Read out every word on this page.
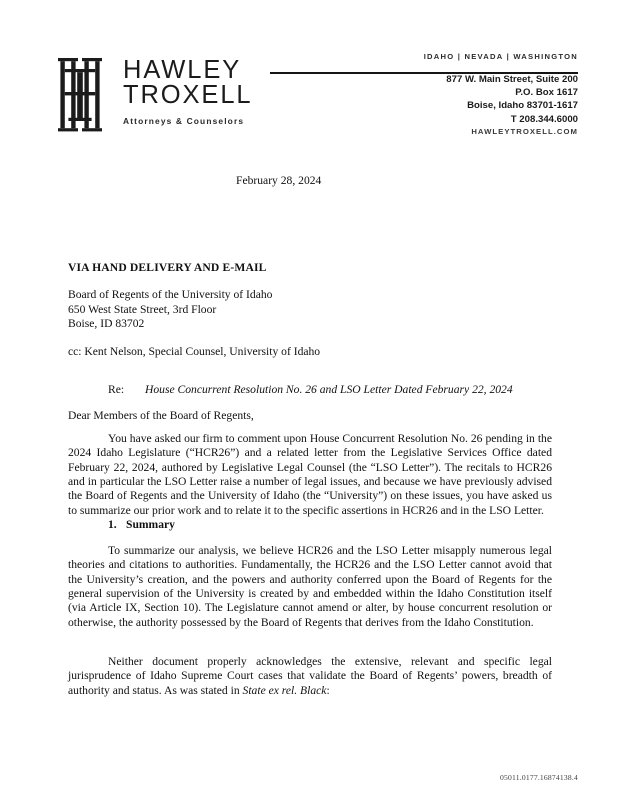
HAWLEY
TROXELL
Attorneys & Counselors
IDAHO | NEVADA | WASHINGTON
877 W. Main Street, Suite 200
P.O. Box 1617
Boise, Idaho 83701-1617
T 208.344.6000
HAWLEYTROXELL.COM
February 28, 2024
VIA HAND DELIVERY AND E-MAIL
Board of Regents of the University of Idaho
650 West State Street, 3rd Floor
Boise, ID 83702
cc: Kent Nelson, Special Counsel, University of Idaho
Re: House Concurrent Resolution No. 26 and LSO Letter Dated February 22, 2024
Dear Members of the Board of Regents,
You have asked our firm to comment upon House Concurrent Resolution No. 26 pending in the 2024 Idaho Legislature (“HCR26”) and a related letter from the Legislative Services Office dated February 22, 2024, authored by Legislative Legal Counsel (the “LSO Letter”). The recitals to HCR26 and in particular the LSO Letter raise a number of legal issues, and because we have previously advised the Board of Regents and the University of Idaho (the “University”) on these issues, you have asked us to summarize our prior work and to relate it to the specific assertions in HCR26 and in the LSO Letter.
1. Summary
To summarize our analysis, we believe HCR26 and the LSO Letter misapply numerous legal theories and citations to authorities. Fundamentally, the HCR26 and the LSO Letter cannot avoid that the University’s creation, and the powers and authority conferred upon the Board of Regents for the general supervision of the University is created by and embedded within the Idaho Constitution itself (via Article IX, Section 10). The Legislature cannot amend or alter, by house concurrent resolution or otherwise, the authority possessed by the Board of Regents that derives from the Idaho Constitution.
Neither document properly acknowledges the extensive, relevant and specific legal jurisprudence of Idaho Supreme Court cases that validate the Board of Regents’ powers, breadth of authority and status. As was stated in State ex rel. Black:
05011.0177.16874138.4
